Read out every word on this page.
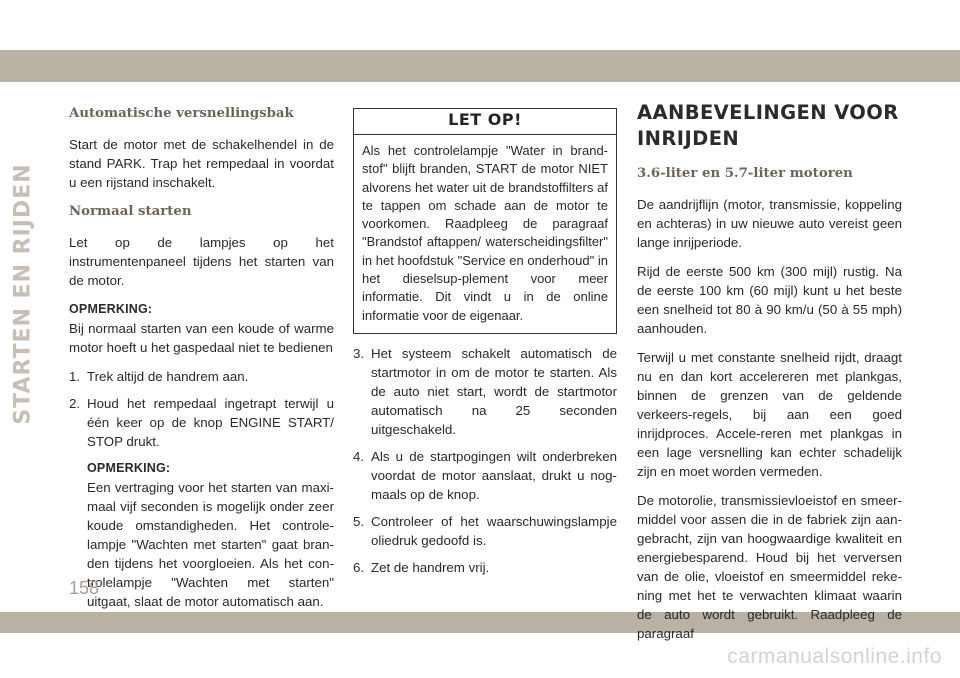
STARTEN EN RIJDEN
Automatische versnellingsbak

Start de motor met de schakelhendel in de stand PARK. Trap het rempedaal in voordat u een rijstand inschakelt.

Normaal starten

Let op de lampjes op het instrumentenpaneel tijdens het starten van de motor.

OPMERKING:

Bij normaal starten van een koude of warme motor hoeft u het gaspedaal niet te bedienen

1. Trek altijd de handrem aan.
2. Houd het rempedaal ingetrapt terwijl u één keer op de knop ENGINE START/ STOP drukt.
OPMERKING:

Een vertraging voor het starten van maxi-maal vijf seconden is mogelijk onder zeer koude omstandigheden. Het controle-lampje "Wachten met starten" gaat bran-den tijdens het voorgloeien. Als het con-trolelampje "Wachten met starten" uitgaat, slaat de motor automatisch aan.

LET OP!
Als het controlelampje "Water in brand-stof" blijft branden, START de motor NIET alvorens het water uit de brandstoffilters af te tappen om schade aan de motor te voorkomen. Raadpleeg de paragraaf "Brandstof aftappen/ waterscheidingsfilter" in het hoofdstuk "Service en onderhoud" in het dieselsup-plement voor meer informatie. Dit vindt u in de online informatie voor de eigenaar.
3. Het systeem schakelt automatisch de startmotor in om de motor te starten. Als de auto niet start, wordt de startmotor automatisch na 25 seconden uitgeschakeld.
4. Als u de startpogingen wilt onderbreken voordat de motor aanslaat, drukt u nog-maals op de knop.
5. Controleer of het waarschuwingslampje oliedruk gedoofd is.
6. Zet de handrem vrij.
AANBEVELINGEN VOOR INRIJDEN
3.6-liter en 5.7-liter motoren

De aandrijflijn (motor, transmissie, koppeling en achteras) in uw nieuwe auto vereist geen lange inrijperiode.

Rijd de eerste 500 km (300 mijl) rustig. Na de eerste 100 km (60 mijl) kunt u het beste een snelheid tot 80 à 90 km/u (50 à 55 mph) aanhouden.

Terwijl u met constante snelheid rijdt, draagt nu en dan kort accelereren met plankgas, binnen de grenzen van de geldende verkeers-regels, bij aan een goed inrijdproces. Accele-reren met plankgas in een lage versnelling kan echter schadelijk zijn en moet worden vermeden.

De motorolie, transmissievloeistof en smeer-middel voor assen die in de fabriek zijn aan-gebracht, zijn van hoogwaardige kwaliteit en energiebesparend. Houd bij het verversen van de olie, vloeistof en smeermiddel reke-ning met het te verwachten klimaat waarin de auto wordt gebruikt. Raadpleeg de paragraaf

158
carmanualsonline.info
